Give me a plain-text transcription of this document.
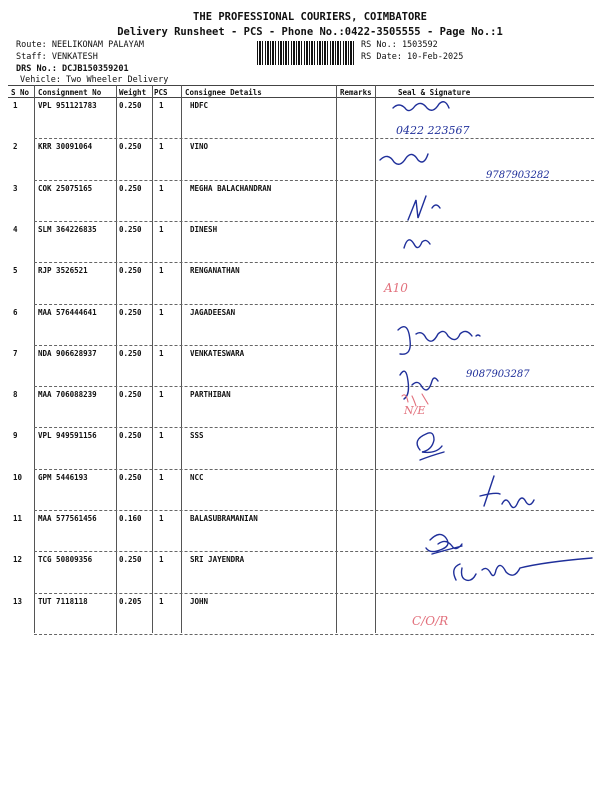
THE PROFESSIONAL COURIERS, COIMBATORE
Delivery Runsheet - PCS - Phone No.:0422-3505555 - Page No.:1
Route: NEELIKONAM PALAYAM
Staff: VENKATESH
DRS No.: DCJB150359201
Vehicle: Two Wheeler Delivery
RS No.: 1503592
RS Date: 10-Feb-2025
S No Consignment No Weight PCS Consignee Details	Remarks	Seal & Signature
1	VPL 951121783	0.250 1	HDFC
2	KRR 30091064	0.250 1	VINO
3	COK 25075165	0.250 1	MEGHA BALACHANDRAN
4	SLM 364226835	0.250 1	DINESH
5	RJP 3526521	0.250 1	RENGANATHAN
6	MAA 576444641	0.250 1	JAGADEESAN
7	NDA 906628937	0.250 1	VENKATESWARA
8	MAA 706088239	0.250 1	PARTHIBAN
9	VPL 949591156	0.250 1	SSS
10 GPM 5446193	0.250 1	NCC
11 MAA 577561456	0.160 1	BALASUBRAMANIAN
12 TCG 50809356	0.250 1	SRI JAYENDRA
13 TUT 7118118	0.205 1	JOHN
0422 223567
9787903282
A10
9087903287
N/E
C/O/R
